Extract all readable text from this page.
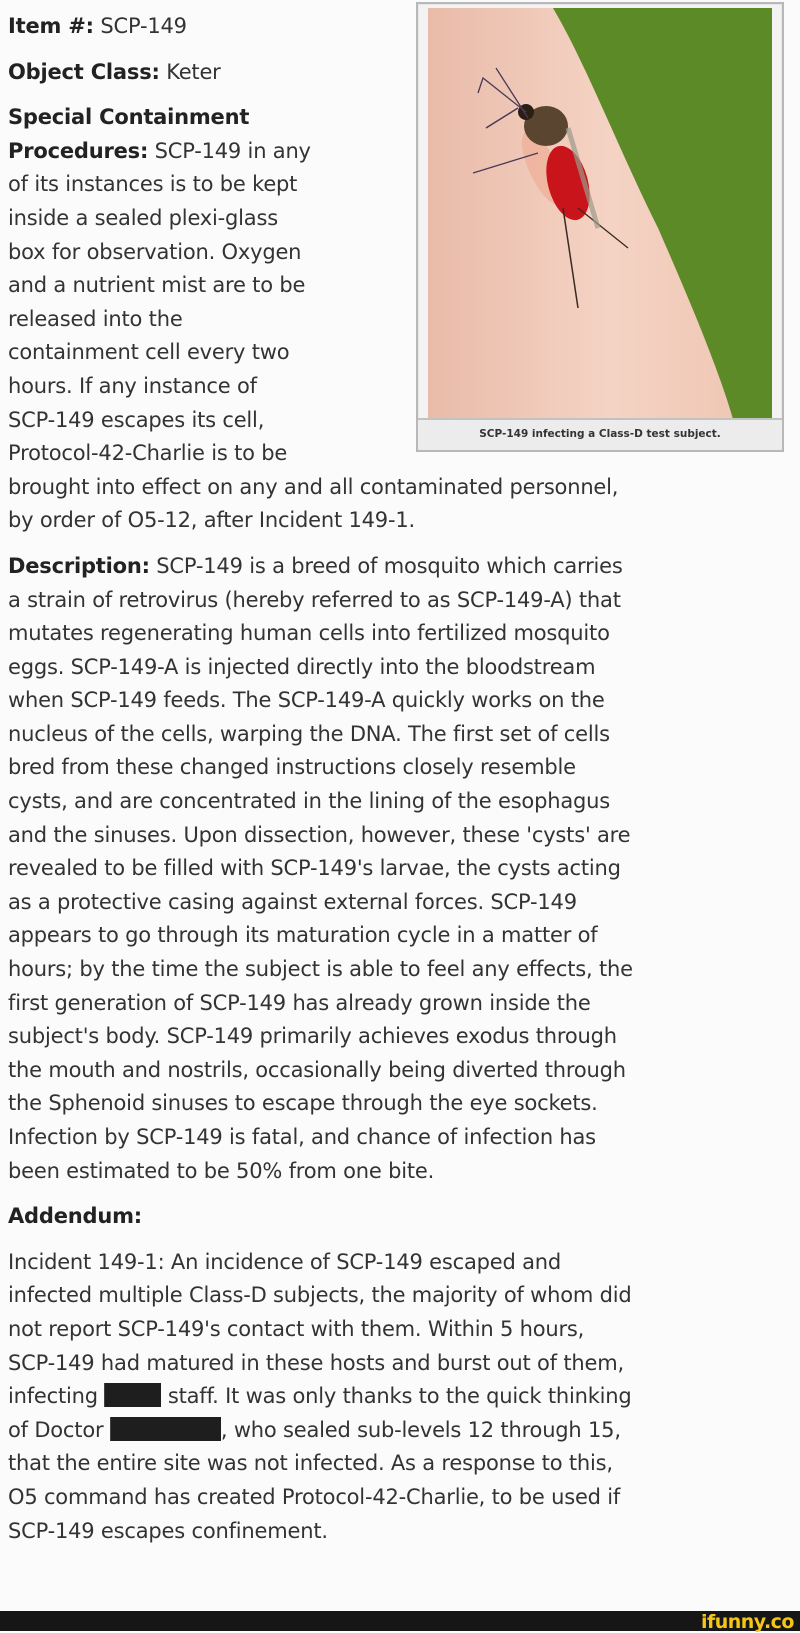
Item #: SCP-149
Object Class: Keter
Special Containment
Procedures: SCP-149 in any
of its instances is to be kept
inside a sealed plexi-glass
box for observation. Oxygen
and a nutrient mist are to be
released into the
containment cell every two
hours. If any instance of
SCP-149 escapes its cell,
Protocol-42-Charlie is to be
brought into effect on any and all contaminated personnel,
by order of O5-12, after Incident 149-1.
Description: SCP-149 is a breed of mosquito which carries
a strain of retrovirus (hereby referred to as SCP-149-A) that
mutates regenerating human cells into fertilized mosquito
eggs. SCP-149-A is injected directly into the bloodstream
when SCP-149 feeds. The SCP-149-A quickly works on the
nucleus of the cells, warping the DNA. The first set of cells
bred from these changed instructions closely resemble
cysts, and are concentrated in the lining of the esophagus
and the sinuses. Upon dissection, however, these 'cysts' are
revealed to be filled with SCP-149's larvae, the cysts acting
as a protective casing against external forces. SCP-149
appears to go through its maturation cycle in a matter of
hours; by the time the subject is able to feel any effects, the
first generation of SCP-149 has already grown inside the
subject's body. SCP-149 primarily achieves exodus through
the mouth and nostrils, occasionally being diverted through
the Sphenoid sinuses to escape through the eye sockets.
Infection by SCP-149 is fatal, and chance of infection has
been estimated to be 50% from one bite.
Addendum:
Incident 149-1: An incidence of SCP-149 escaped and
infected multiple Class-D subjects, the majority of whom did
not report SCP-149's contact with them. Within 5 hours,
SCP-149 had matured in these hosts and burst out of them,
infecting	staff. It was only thanks to the quick thinking
of Doctor	, who sealed sub-levels 12 through 15,
that the entire site was not infected. As a response to this,
O5 command has created Protocol-42-Charlie, to be used if
SCP-149 escapes confinement.
SCP-149 infecting a Class-D test subject.
ifunny.co
